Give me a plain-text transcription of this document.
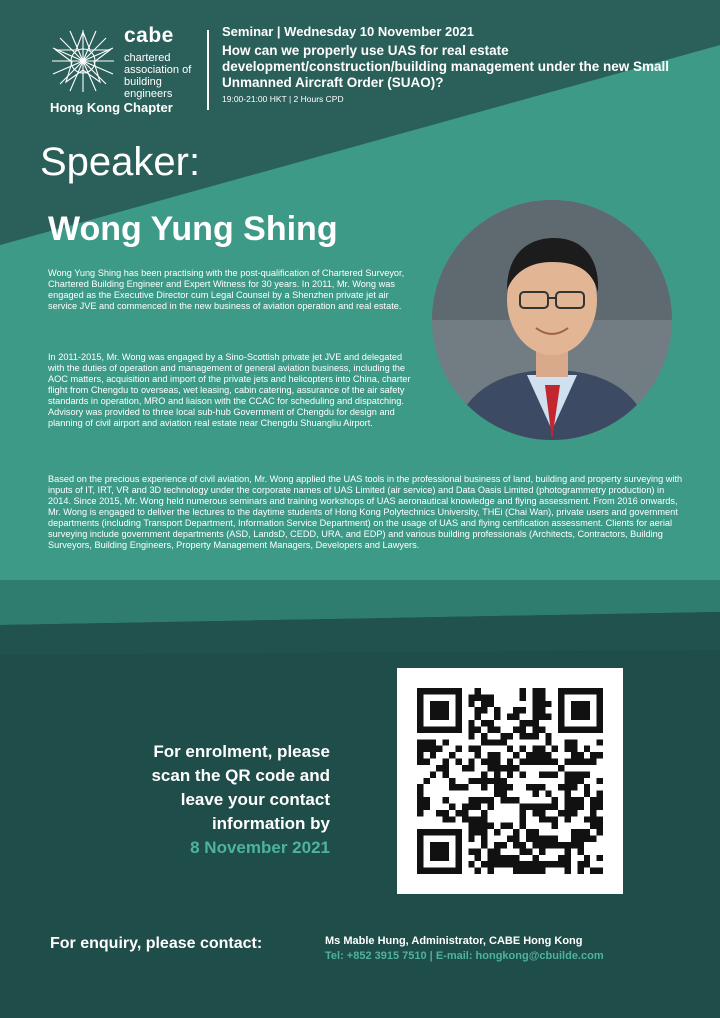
cabe
chartered association of building engineers
Hong Kong Chapter
Seminar | Wednesday 10 November 2021
How can we properly use UAS for real estate development/construction/building management under the new Small Unmanned Aircraft Order (SUAO)?
19:00-21:00 HKT | 2 Hours CPD
Speaker:
Wong Yung Shing

Wong Yung Shing has been practising with the post-qualification of Chartered Surveyor, Chartered Building Engineer and Expert Witness for 30 years. In 2011, Mr. Wong was engaged as the Executive Director cum Legal Counsel by a Shenzhen private jet air service JVE and commenced in the new business of aviation operation and real estate.

In 2011-2015, Mr. Wong was engaged by a Sino-Scottish private jet JVE and delegated with the duties of operation and management of general aviation business, including the AOC matters, acquisition and import of the private jets and helicopters into China, charter flight from Chengdu to overseas, wet leasing, cabin catering, assurance of the air safety standards in operation, MRO and liaison with the CCAC for scheduling and dispatching. Advisory was provided to three local sub-hub Government of Chengdu for design and planning of civil airport and aviation real estate near Chengdu Shuangliu Airport.

Based on the precious experience of civil aviation, Mr. Wong applied the UAS tools in the professional business of land, building and property surveying with inputs of IT, IRT, VR and 3D technology under the corporate names of UAS Limited (air service) and Data Oasis Limited (photogrammetry production) in 2014. Since 2015, Mr. Wong held numerous seminars and training workshops of UAS aeronautical knowledge and flying assessment. From 2016 onwards, Mr. Wong is engaged to deliver the lectures to the daytime students of Hong Kong Polytechnics University, THEi (Chai Wan), private users and government departments (including Transport Department, Information Service Department) on the usage of UAS and flying certification assessment. Clients for aerial surveying include government departments (ASD, LandsD, CEDD, URA, and EDP) and various building professionals (Architects, Contractors, Building Surveyors, Building Engineers, Property Management Managers, Developers and Lawyers.

For enrolment, please
scan the QR code and
leave your contact
information by
8 November 2021
For enquiry, please contact:	Ms Mable Hung, Administrator, CABE Hong Kong
Tel: +852 3915 7510 | E-mail: hongkong@cbuilde.com
